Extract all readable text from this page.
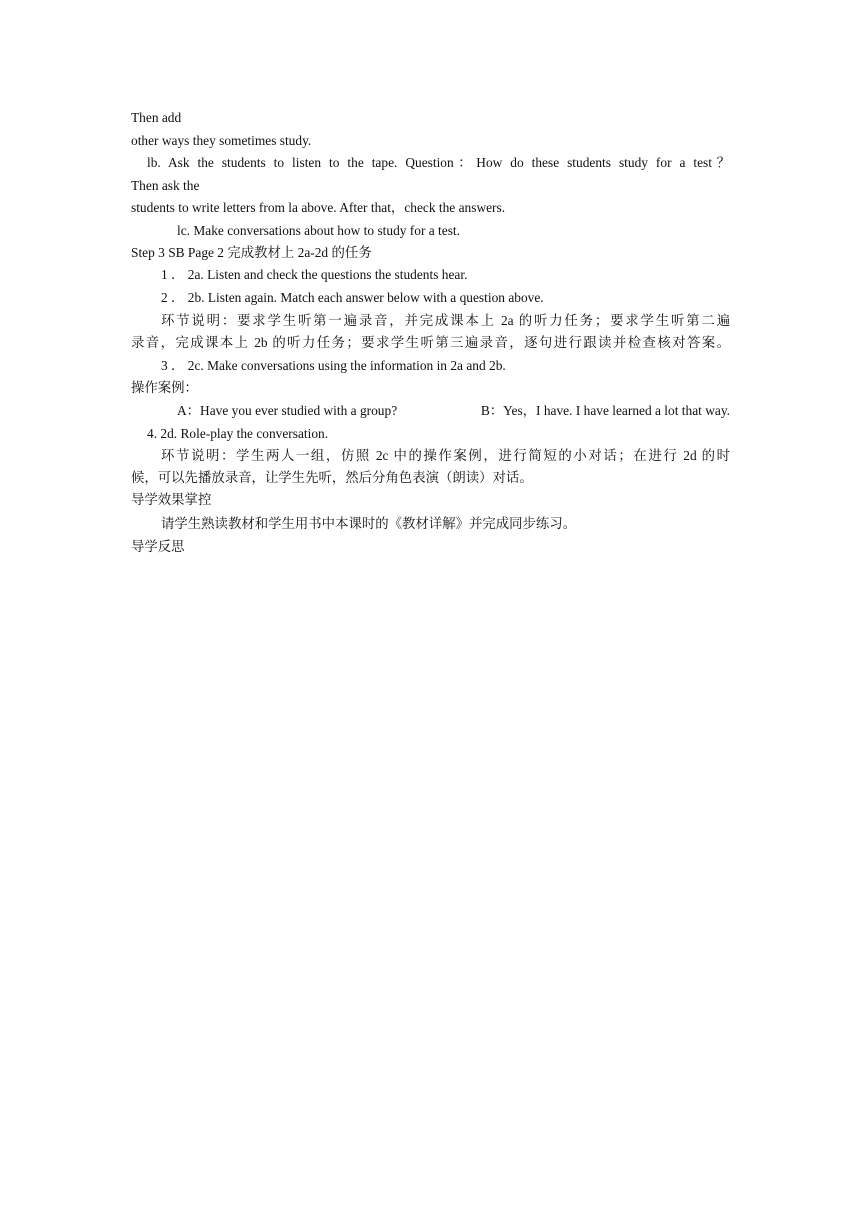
Then add

other ways they sometimes study.

lb. Ask the students to listen to the tape. Question：How do these students study for a test？

Then ask the

students to write letters from la above. After that，check the answers.

lc. Make conversations about how to study for a test.

Step 3 SB Page 2 完成教材上 2a-2d 的任务

1 ． 2a. Listen and check the questions the students hear.

2 ． 2b. Listen again. Match each answer below with a question above.

环节说明：要求学生听第一遍录音，并完成课本上 2a 的听力任务；要求学生听第二遍

录音，完成课本上 2b 的听力任务；要求学生听第三遍录音，逐句进行跟读并检查核对答案。

3 ． 2c. Make conversations using the information in 2a and 2b.

操作案例：

A：Have you ever studied with a group?	B：Yes，I have. I have learned a lot that way.

4. 2d. Role-play the conversation.

环节说明：学生两人一组，仿照 2c 中的操作案例，进行简短的小对话；在进行 2d 的时

候，可以先播放录音，让学生先听，然后分角色表演（朗读）对话。

导学效果掌控

请学生熟读教材和学生用书中本课时的《教材详解》并完成同步练习。

导学反思
